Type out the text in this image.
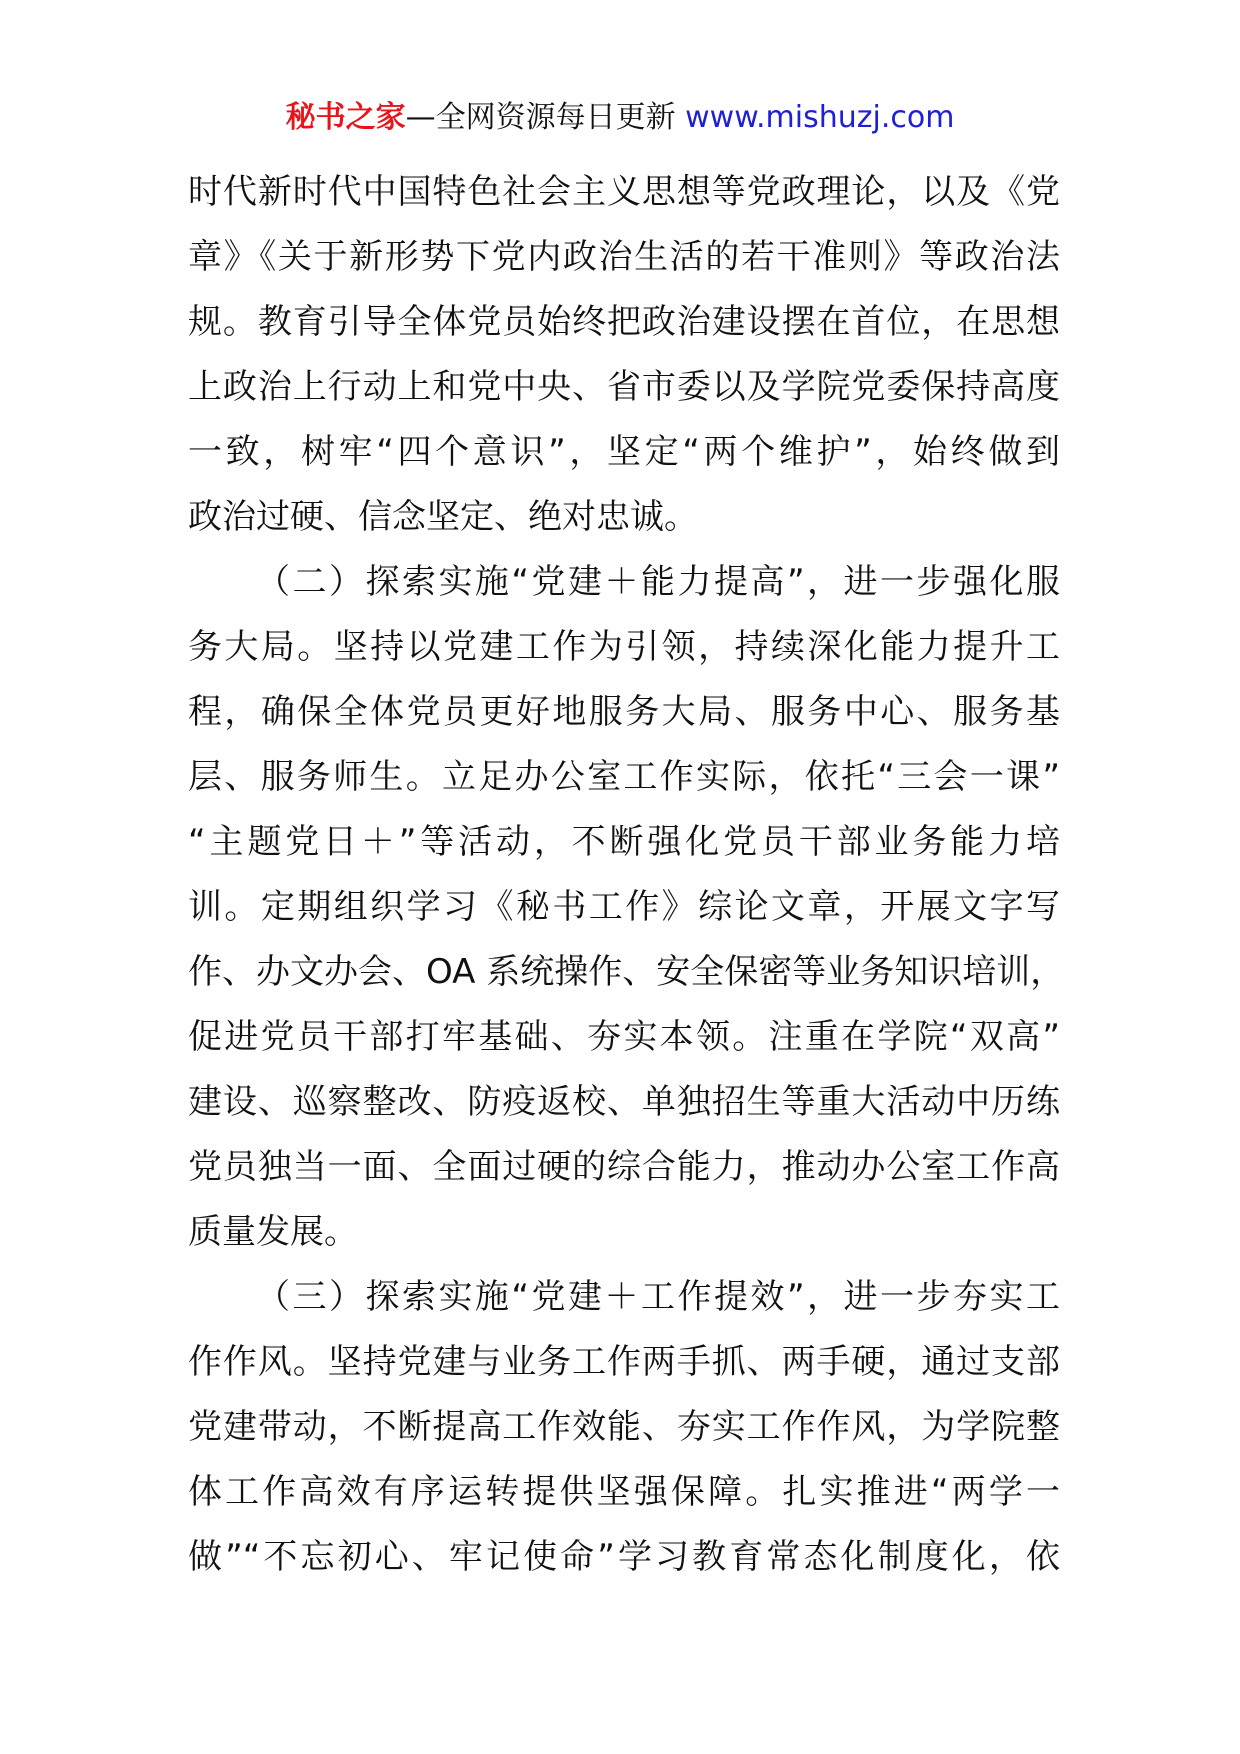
秘书之家—全网资源每日更新 www.mishuzj.com
时代新时代中国特色社会主义思想等党政理论，以及《党
章》《关于新形势下党内政治生活的若干准则》等政治法
规。教育引导全体党员始终把政治建设摆在首位，在思想
上政治上行动上和党中央、省市委以及学院党委保持高度
一致，树牢“四个意识”，坚定“两个维护”，始终做到
政治过硬、信念坚定、绝对忠诚。
（二）探索实施“党建＋能力提高”，进一步强化服
务大局。坚持以党建工作为引领，持续深化能力提升工
程，确保全体党员更好地服务大局、服务中心、服务基
层、服务师生。立足办公室工作实际，依托“三会一课”
“主题党日＋”等活动，不断强化党员干部业务能力培
训。定期组织学习《秘书工作》综论文章，开展文字写
作、办文办会、OA 系统操作、安全保密等业务知识培训，
促进党员干部打牢基础、夯实本领。注重在学院“双高”
建设、巡察整改、防疫返校、单独招生等重大活动中历练
党员独当一面、全面过硬的综合能力，推动办公室工作高
质量发展。
（三）探索实施“党建＋工作提效”，进一步夯实工
作作风。坚持党建与业务工作两手抓、两手硬，通过支部
党建带动，不断提高工作效能、夯实工作作风，为学院整
体工作高效有序运转提供坚强保障。扎实推进“两学一
做”“不忘初心、牢记使命”学习教育常态化制度化，依
